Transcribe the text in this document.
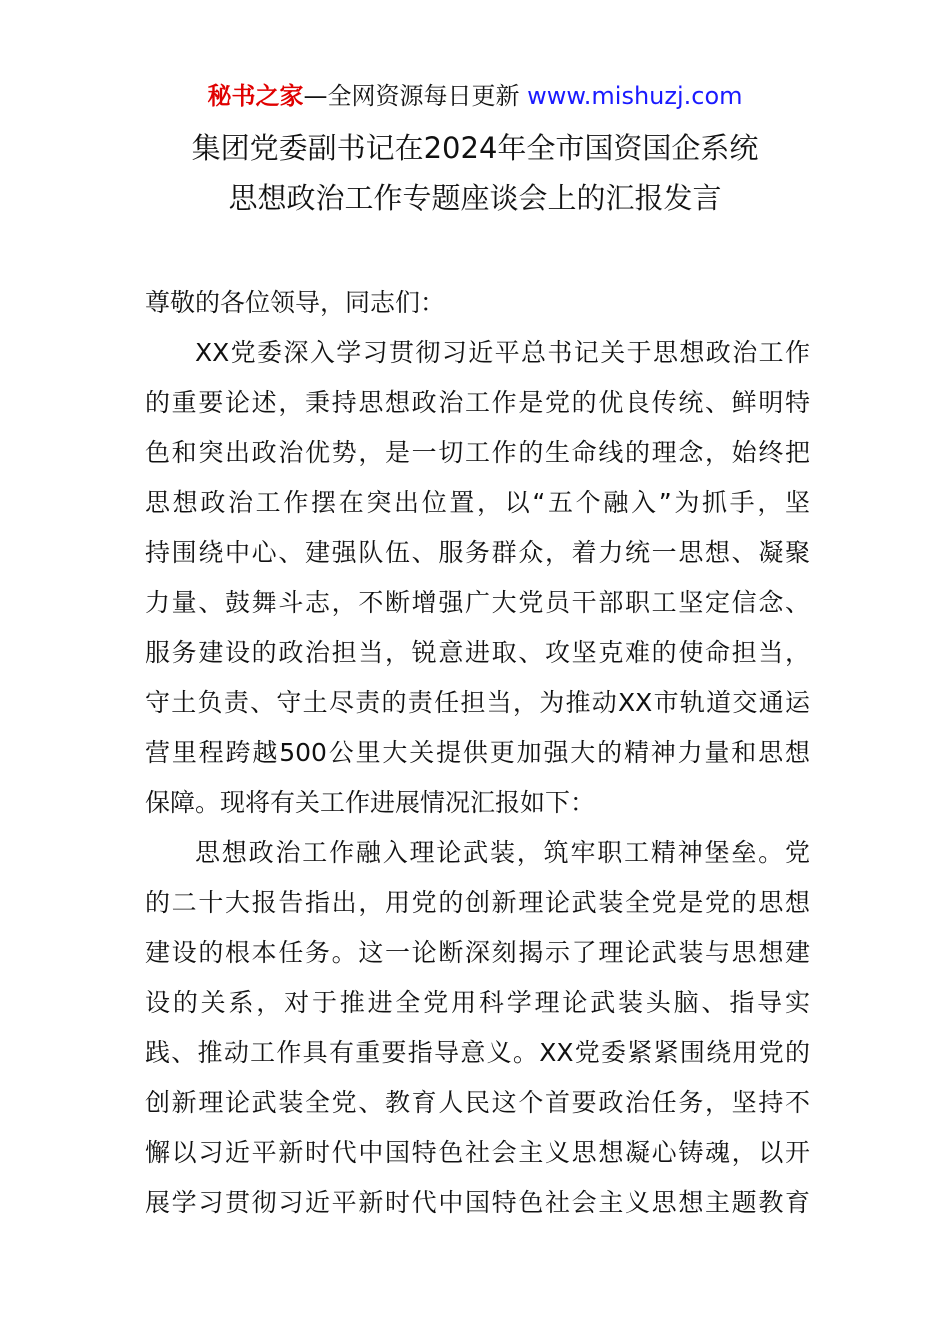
秘书之家—全网资源每日更新 www.mishuzj.com
集团党委副书记在2024年全市国资国企系统
思想政治工作专题座谈会上的汇报发言
尊敬的各位领导，同志们：
XX党委深入学习贯彻习近平总书记关于思想政治工作
的重要论述，秉持思想政治工作是党的优良传统、鲜明特
色和突出政治优势，是一切工作的生命线的理念，始终把
思想政治工作摆在突出位置，以“五个融入”为抓手，坚
持围绕中心、建强队伍、服务群众，着力统一思想、凝聚
力量、鼓舞斗志，不断增强广大党员干部职工坚定信念、
服务建设的政治担当，锐意进取、攻坚克难的使命担当，
守土负责、守土尽责的责任担当，为推动XX市轨道交通运
营里程跨越500公里大关提供更加强大的精神力量和思想
保障。现将有关工作进展情况汇报如下：
思想政治工作融入理论武装，筑牢职工精神堡垒。党
的二十大报告指出，用党的创新理论武装全党是党的思想
建设的根本任务。这一论断深刻揭示了理论武装与思想建
设的关系，对于推进全党用科学理论武装头脑、指导实
践、推动工作具有重要指导意义。XX党委紧紧围绕用党的
创新理论武装全党、教育人民这个首要政治任务，坚持不
懈以习近平新时代中国特色社会主义思想凝心铸魂，以开
展学习贯彻习近平新时代中国特色社会主义思想主题教育
